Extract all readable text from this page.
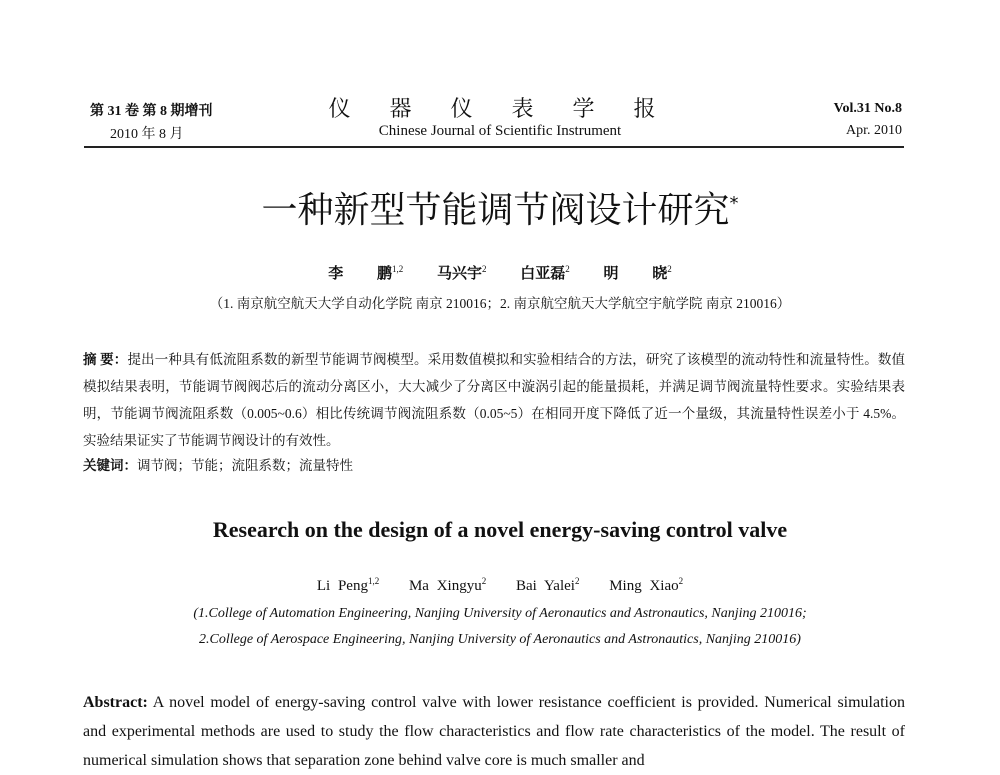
第 31 卷 第 8 期增刊
2010 年 8 月
仪 器 仪 表 学 报
Chinese Journal of Scientific Instrument
Vol.31 No.8
Apr. 2010
一种新型节能调节阀设计研究*
李 鹏$^{1,2}$ 马兴宇$^2$ 白亚磊$^2$ 明 晓$^2$
（1. 南京航空航天大学自动化学院 南京 210016；2. 南京航空航天大学航空宇航学院 南京 210016）
摘 要：提出一种具有低流阻系数的新型节能调节阀模型。采用数值模拟和实验相结合的方法，研究了该模型的流动特性和流量特性。数值模拟结果表明，节能调节阀阀芯后的流动分离区小，大大减少了分离区中漩涡引起的能量损耗，并满足调节阀流量特性要求。实验结果表明，节能调节阀流阻系数（0.005~0.6）相比传统调节阀流阻系数（0.05~5）在相同开度下降低了近一个量级，其流量特性误差小于 4.5%。实验结果证实了节能调节阀设计的有效性。
关键词：调节阀；节能；流阻系数；流量特性
Research on the design of a novel energy-saving control valve
Li Peng$^{1,2}$ Ma Xingyu$^2$ Bai Yalei$^2$ Ming Xiao$^2$
(1.College of Automation Engineering, Nanjing University of Aeronautics and Astronautics, Nanjing 210016;
2.College of Aerospace Engineering, Nanjing University of Aeronautics and Astronautics, Nanjing 210016)
Abstract: A novel model of energy-saving control valve with lower resistance coefficient is provided. Numerical simulation and experimental methods are used to study the flow characteristics and flow rate characteristics of the model. The result of numerical simulation shows that separation zone behind valve core is much smaller and
